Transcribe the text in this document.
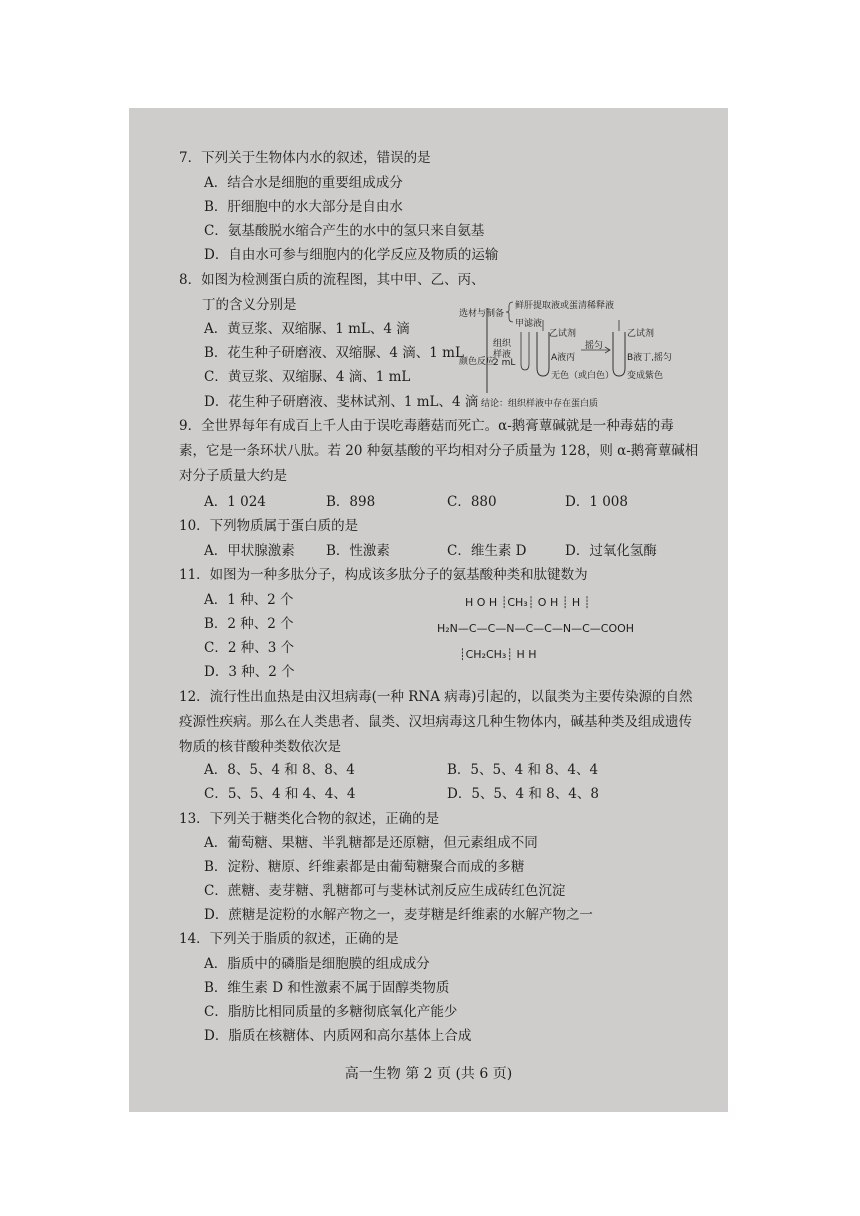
7．下列关于生物体内水的叙述，错误的是
A．结合水是细胞的重要组成成分
B．肝细胞中的水大部分是自由水
C．氨基酸脱水缩合产生的水中的氢只来自氨基
D．自由水可参与细胞内的化学反应及物质的运输
8．如图为检测蛋白质的流程图，其中甲、乙、丙、
丁的含义分别是
A．黄豆浆、双缩脲、1 mL、4 滴
B．花生种子研磨液、双缩脲、4 滴、1 mL
C．黄豆浆、双缩脲、4 滴、1 mL
D．花生种子研磨液、斐林试剂、1 mL、4 滴
选材与制备
鲜肝提取液或蛋清稀释液
甲滤液
颜色反应
组织
样液
2 mL
乙试剂
A液丙
无色（或白色）
摇匀
乙试剂
B液丁,摇匀
变成紫色
结论：组织样液中存在蛋白质
9．全世界每年有成百上千人由于误吃毒蘑菇而死亡。α-鹅膏蕈碱就是一种毒菇的毒素，它是一条环状八肽。若 20 种氨基酸的平均相对分子质量为 128，则 α-鹅膏蕈碱相对分子质量大约是
A．1 024	B．898	C．880	D．1 008
10．下列物质属于蛋白质的是
A．甲状腺激素 B．性激素	C．维生素 D	D．过氧化氢酶
11．如图为一种多肽分子，构成该多肽分子的氨基酸种类和肽键数为
A．1 种、2 个
B．2 种、2 个
C．2 种、3 个
D．3 种、2 个
H O H ┊CH₃┊ O H ┊ H ┊
H₂N—C—C—N—C—C—N—C—COOH
┊CH₂CH₃┊ H H
12．流行性出血热是由汉坦病毒(一种 RNA 病毒)引起的，以鼠类为主要传染源的自然疫源性疾病。那么在人类患者、鼠类、汉坦病毒这几种生物体内，碱基种类及组成遗传物质的核苷酸种类数依次是
A．8、5、4 和 8、8、4	B．5、5、4 和 8、4、4
C．5、5、4 和 4、4、4	D．5、5、4 和 8、4、8
13．下列关于糖类化合物的叙述，正确的是
A．葡萄糖、果糖、半乳糖都是还原糖，但元素组成不同
B．淀粉、糖原、纤维素都是由葡萄糖聚合而成的多糖
C．蔗糖、麦芽糖、乳糖都可与斐林试剂反应生成砖红色沉淀
D．蔗糖是淀粉的水解产物之一，麦芽糖是纤维素的水解产物之一
14．下列关于脂质的叙述，正确的是
A．脂质中的磷脂是细胞膜的组成成分
B．维生素 D 和性激素不属于固醇类物质
C．脂肪比相同质量的多糖彻底氧化产能少
D．脂质在核糖体、内质网和高尔基体上合成
高一生物 第 2 页 (共 6 页)
